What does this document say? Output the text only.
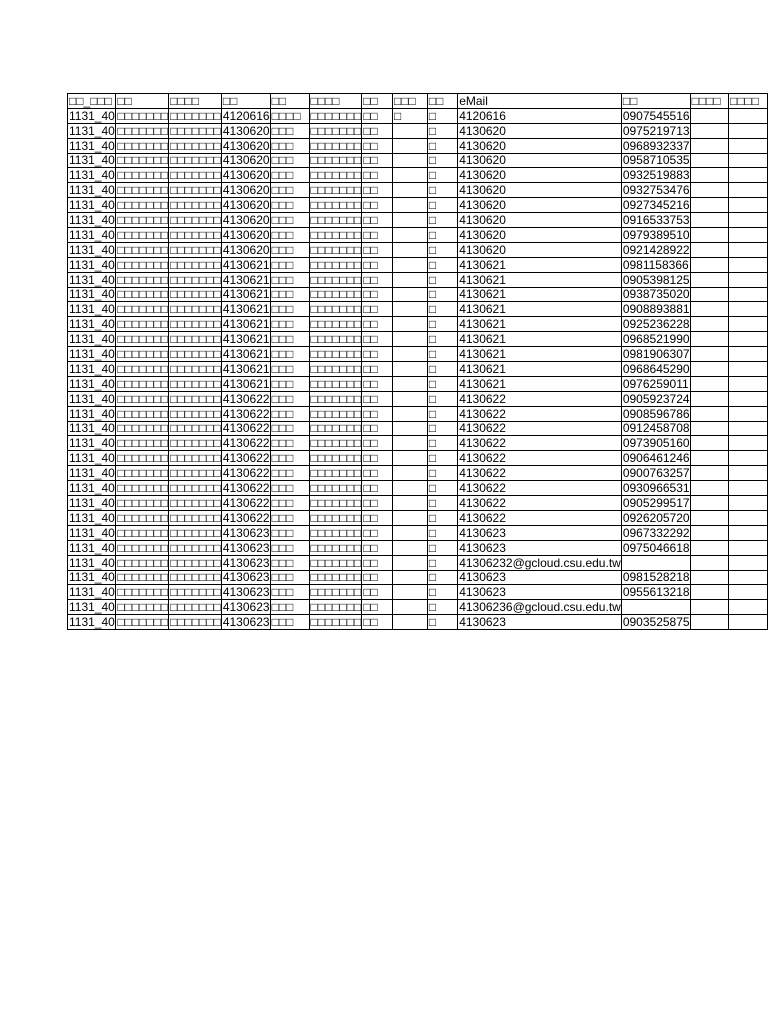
□□_□□□	□□	□□□□	□□	□□	□□□□	□□	□□□	□□	eMail	□□	□□□□	□□□□
1131_40	□□□□□□□	□□□□□□□	4120616	□□□□	□□□□□□□	□□	□	□	4120616	0907545516		
1131_40	□□□□□□□	□□□□□□□	4130620	□□□	□□□□□□□	□□		□	4130620	0975219713		
1131_40	□□□□□□□	□□□□□□□	4130620	□□□	□□□□□□□	□□		□	4130620	0968932337		
1131_40	□□□□□□□	□□□□□□□	4130620	□□□	□□□□□□□	□□		□	4130620	0958710535		
1131_40	□□□□□□□	□□□□□□□	4130620	□□□	□□□□□□□	□□		□	4130620	0932519883		
1131_40	□□□□□□□	□□□□□□□	4130620	□□□	□□□□□□□	□□		□	4130620	0932753476		
1131_40	□□□□□□□	□□□□□□□	4130620	□□□	□□□□□□□	□□		□	4130620	0927345216		
1131_40	□□□□□□□	□□□□□□□	4130620	□□□	□□□□□□□	□□		□	4130620	0916533753		
1131_40	□□□□□□□	□□□□□□□	4130620	□□□	□□□□□□□	□□		□	4130620	0979389510		
1131_40	□□□□□□□	□□□□□□□	4130620	□□□	□□□□□□□	□□		□	4130620	0921428922		
1131_40	□□□□□□□	□□□□□□□	4130621	□□□	□□□□□□□	□□		□	4130621	0981158366		
1131_40	□□□□□□□	□□□□□□□	4130621	□□□	□□□□□□□	□□		□	4130621	0905398125		
1131_40	□□□□□□□	□□□□□□□	4130621	□□□	□□□□□□□	□□		□	4130621	0938735020		
1131_40	□□□□□□□	□□□□□□□	4130621	□□□	□□□□□□□	□□		□	4130621	0908893881		
1131_40	□□□□□□□	□□□□□□□	4130621	□□□	□□□□□□□	□□		□	4130621	0925236228		
1131_40	□□□□□□□	□□□□□□□	4130621	□□□	□□□□□□□	□□		□	4130621	0968521990		
1131_40	□□□□□□□	□□□□□□□	4130621	□□□	□□□□□□□	□□		□	4130621	0981906307		
1131_40	□□□□□□□	□□□□□□□	4130621	□□□	□□□□□□□	□□		□	4130621	0968645290		
1131_40	□□□□□□□	□□□□□□□	4130621	□□□	□□□□□□□	□□		□	4130621	0976259011		
1131_40	□□□□□□□	□□□□□□□	4130622	□□□	□□□□□□□	□□		□	4130622	0905923724		
1131_40	□□□□□□□	□□□□□□□	4130622	□□□	□□□□□□□	□□		□	4130622	0908596786		
1131_40	□□□□□□□	□□□□□□□	4130622	□□□	□□□□□□□	□□		□	4130622	0912458708		
1131_40	□□□□□□□	□□□□□□□	4130622	□□□	□□□□□□□	□□		□	4130622	0973905160		
1131_40	□□□□□□□	□□□□□□□	4130622	□□□	□□□□□□□	□□		□	4130622	0906461246		
1131_40	□□□□□□□	□□□□□□□	4130622	□□□	□□□□□□□	□□		□	4130622	0900763257		
1131_40	□□□□□□□	□□□□□□□	4130622	□□□	□□□□□□□	□□		□	4130622	0930966531		
1131_40	□□□□□□□	□□□□□□□	4130622	□□□	□□□□□□□	□□		□	4130622	0905299517		
1131_40	□□□□□□□	□□□□□□□	4130622	□□□	□□□□□□□	□□		□	4130622	0926205720		
1131_40	□□□□□□□	□□□□□□□	4130623	□□□	□□□□□□□	□□		□	4130623	0967332292		
1131_40	□□□□□□□	□□□□□□□	4130623	□□□	□□□□□□□	□□		□	4130623	0975046618		
1131_40	□□□□□□□	□□□□□□□	4130623	□□□	□□□□□□□	□□		□	41306232@gcloud.csu.edu.tw			
1131_40	□□□□□□□	□□□□□□□	4130623	□□□	□□□□□□□	□□		□	4130623	0981528218		
1131_40	□□□□□□□	□□□□□□□	4130623	□□□	□□□□□□□	□□		□	4130623	0955613218		
1131_40	□□□□□□□	□□□□□□□	4130623	□□□	□□□□□□□	□□		□	41306236@gcloud.csu.edu.tw			
1131_40	□□□□□□□	□□□□□□□	4130623	□□□	□□□□□□□	□□		□	4130623	0903525875		
